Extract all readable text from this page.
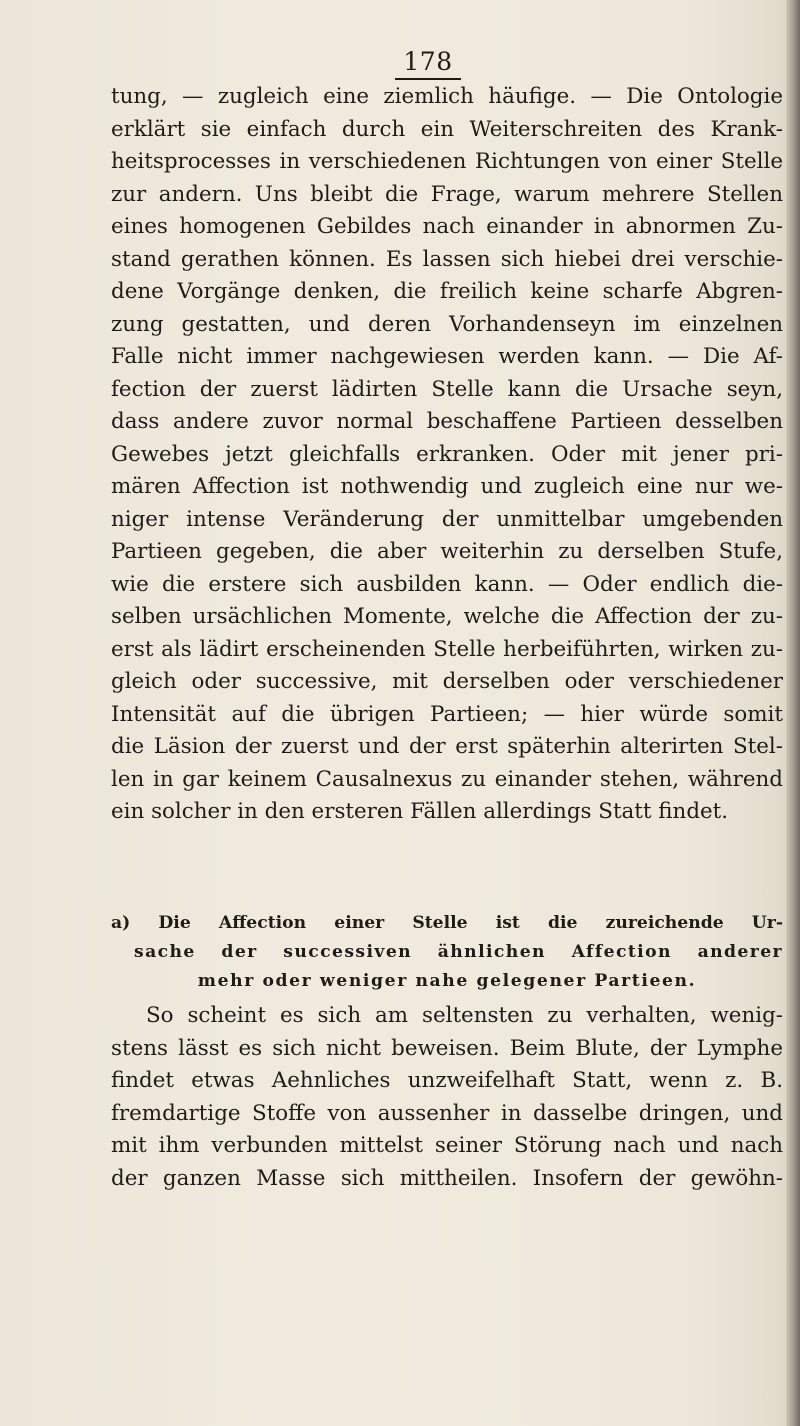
178
tung, — zugleich eine ziemlich häufige. — Die Ontologie
erklärt sie einfach durch ein Weiterschreiten des Krank-
heitsprocesses in verschiedenen Richtungen von einer Stelle
zur andern. Uns bleibt die Frage, warum mehrere Stellen
eines homogenen Gebildes nach einander in abnormen Zu-
stand gerathen können. Es lassen sich hiebei drei verschie-
dene Vorgänge denken, die freilich keine scharfe Abgren-
zung gestatten, und deren Vorhandenseyn im einzelnen
Falle nicht immer nachgewiesen werden kann. — Die Af-
fection der zuerst lädirten Stelle kann die Ursache seyn,
dass andere zuvor normal beschaffene Partieen desselben
Gewebes jetzt gleichfalls erkranken. Oder mit jener pri-
mären Affection ist nothwendig und zugleich eine nur we-
niger intense Veränderung der unmittelbar umgebenden
Partieen gegeben, die aber weiterhin zu derselben Stufe,
wie die erstere sich ausbilden kann. — Oder endlich die-
selben ursächlichen Momente, welche die Affection der zu-
erst als lädirt erscheinenden Stelle herbeiführten, wirken zu-
gleich oder successive, mit derselben oder verschiedener
Intensität auf die übrigen Partieen; — hier würde somit
die Läsion der zuerst und der erst späterhin alterirten Stel-
len in gar keinem Causalnexus zu einander stehen, während
ein solcher in den ersteren Fällen allerdings Statt findet.
a) Die Affection einer Stelle ist die zureichende Ur-
sache der successiven ähnlichen Affection anderer
mehr oder weniger nahe gelegener Partieen.
So scheint es sich am seltensten zu verhalten, wenig-
stens lässt es sich nicht beweisen. Beim Blute, der Lymphe
findet etwas Aehnliches unzweifelhaft Statt, wenn z. B.
fremdartige Stoffe von aussenher in dasselbe dringen, und
mit ihm verbunden mittelst seiner Störung nach und nach
der ganzen Masse sich mittheilen. Insofern der gewöhn-
